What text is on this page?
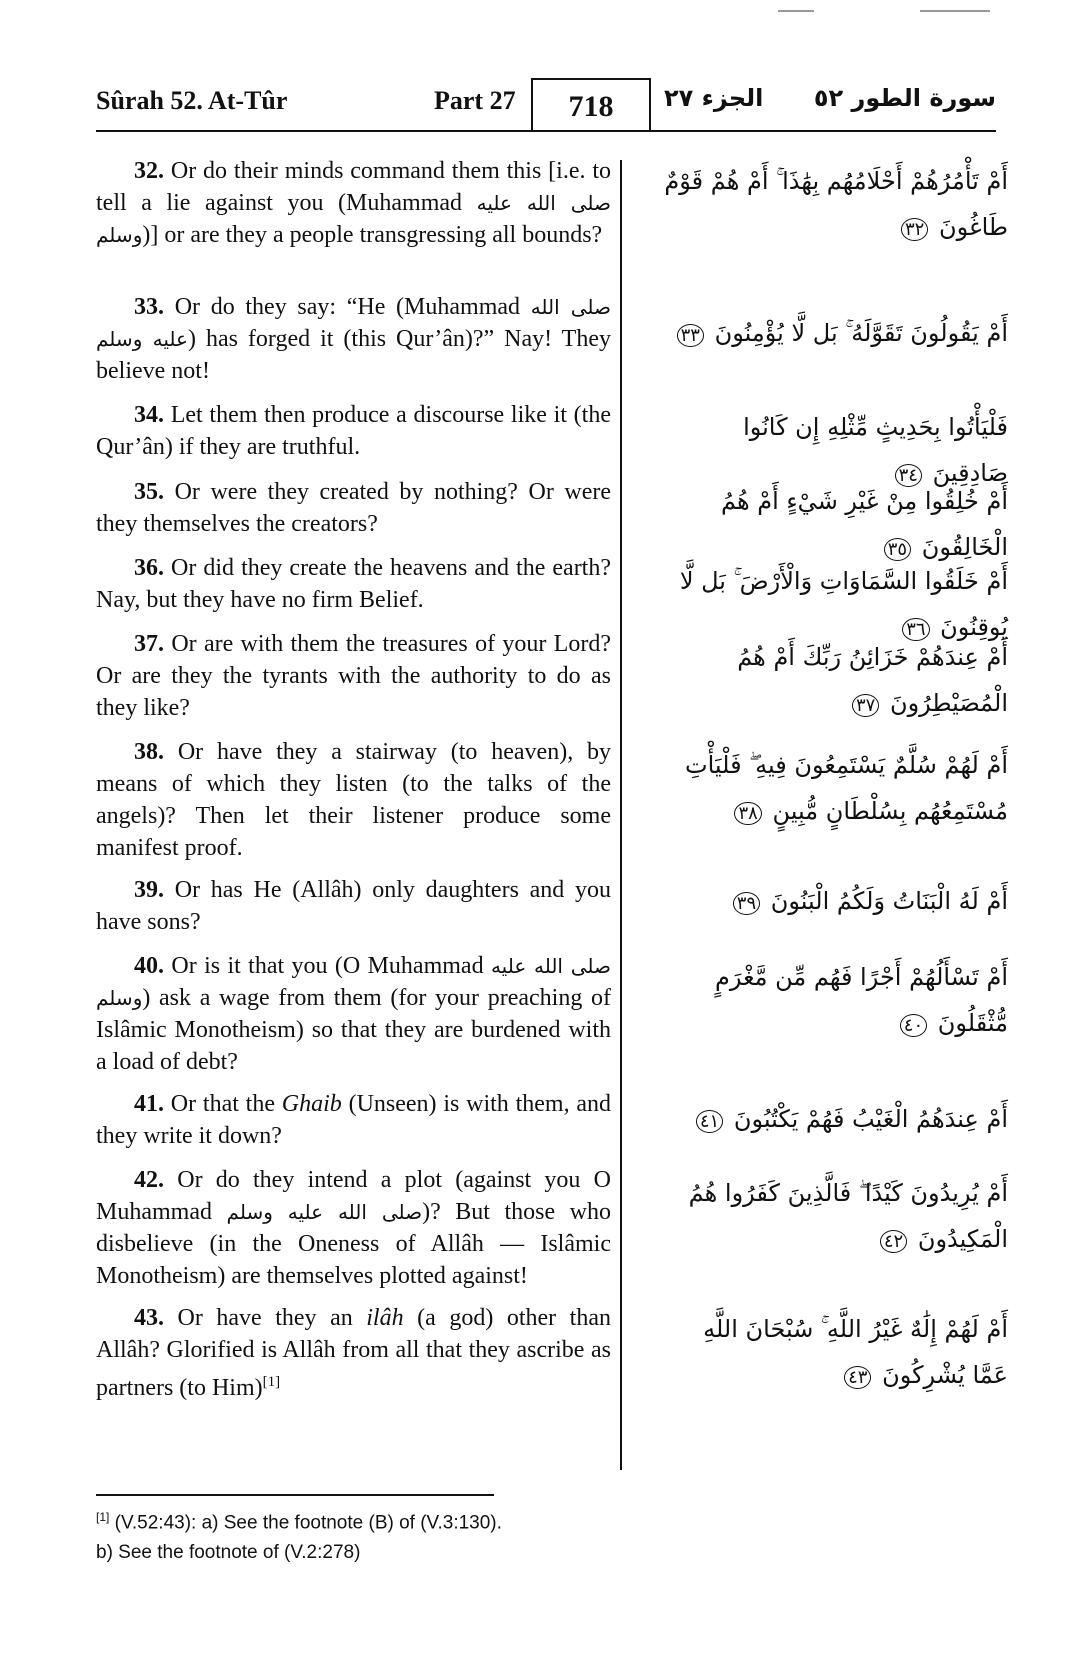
Sûrah 52. At-Tûr	Part 27 718 الجزء ٢٧ سورة الطور ٥٢

32. Or do their minds command them this [i.e. to tell a lie against you (Muhammad صلى الله عليه وسلم)] or are they a people transgressing all bounds?

أَمْ تَأْمُرُهُمْ أَحْلَامُهُم بِهَٰذَا ۚ أَمْ هُمْ قَوْمٌ طَاغُونَ ٣٢

33. Or do they say: “He (Muhammad صلى الله عليه وسلم) has forged it (this Qur’ân)?” Nay! They believe not!

أَمْ يَقُولُونَ تَقَوَّلَهُ ۚ بَل لَّا يُؤْمِنُونَ ٣٣

34. Let them then produce a discourse like it (the Qur’ân) if they are truthful.

فَلْيَأْتُوا بِحَدِيثٍ مِّثْلِهِ إِن كَانُوا صَادِقِينَ ٣٤

35. Or were they created by nothing? Or were they themselves the creators?

أَمْ خُلِقُوا مِنْ غَيْرِ شَيْءٍ أَمْ هُمُ الْخَالِقُونَ ٣٥

36. Or did they create the heavens and the earth? Nay, but they have no firm Belief.

أَمْ خَلَقُوا السَّمَاوَاتِ وَالْأَرْضَ ۚ بَل لَّا يُوقِنُونَ ٣٦

37. Or are with them the treasures of your Lord? Or are they the tyrants with the authority to do as they like?

أَمْ عِندَهُمْ خَزَائِنُ رَبِّكَ أَمْ هُمُ الْمُصَيْطِرُونَ ٣٧

38. Or have they a stairway (to heaven), by means of which they listen (to the talks of the angels)? Then let their listener produce some manifest proof.

أَمْ لَهُمْ سُلَّمٌ يَسْتَمِعُونَ فِيهِ ۖ فَلْيَأْتِ مُسْتَمِعُهُم بِسُلْطَانٍ مُّبِينٍ ٣٨

39. Or has He (Allâh) only daughters and you have sons?

أَمْ لَهُ الْبَنَاتُ وَلَكُمُ الْبَنُونَ ٣٩

40. Or is it that you (O Muhammad صلى الله عليه وسلم) ask a wage from them (for your preaching of Islâmic Monotheism) so that they are burdened with a load of debt?

أَمْ تَسْأَلُهُمْ أَجْرًا فَهُم مِّن مَّغْرَمٍ مُّثْقَلُونَ ٤٠

41. Or that the Ghaib (Unseen) is with them, and they write it down?

أَمْ عِندَهُمُ الْغَيْبُ فَهُمْ يَكْتُبُونَ ٤١

42. Or do they intend a plot (against you O Muhammad صلى الله عليه وسلم)? But those who disbelieve (in the Oneness of Allâh — Islâmic Monotheism) are themselves plotted against!

أَمْ يُرِيدُونَ كَيْدًا ۖ فَالَّذِينَ كَفَرُوا هُمُ الْمَكِيدُونَ ٤٢

43. Or have they an ilâh (a god) other than Allâh? Glorified is Allâh from all that they ascribe as partners (to Him)[1]

أَمْ لَهُمْ إِلَٰهٌ غَيْرُ اللَّهِ ۚ سُبْحَانَ اللَّهِ عَمَّا يُشْرِكُونَ ٤٣
[1] (V.52:43): a) See the footnote (B) of (V.3:130).
b) See the footnote of (V.2:278)
